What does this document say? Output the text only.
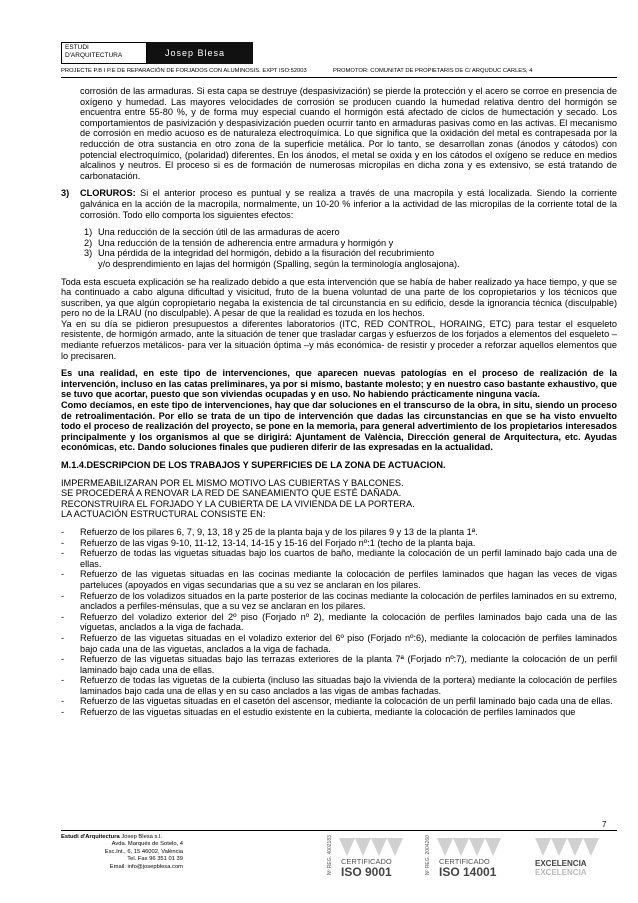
ESTUDI
D'ARQUITECTURA	Josep Blesa
PROJECTE P.B I P.E DE REPARACIÓN DE FORJADOS CON ALUMINOSIS. EXPT ISO:52003	PROMOTOR: COMUNITAT DE PROPIETARIS DE C/ ARQUDUC CARLES, 4

corrosión de las armaduras. Si esta capa se destruye (despasivización) se pierde la protección y el acero se corroe en presencia de oxígeno y humedad. Las mayores velocidades de corrosión se producen cuando la humedad relativa dentro del hormigón se encuentra entre 55-80 %, y de forma muy especial cuando el hormigón está afectado de ciclos de humectación y secado. Los comportamientos de pasivización y despasivización pueden ocurrir tanto en armaduras pasivas como en las activas. El mecanismo de corrosión en medio acuoso es de naturaleza electroquímica. Lo que significa que la oxidación del metal es contrapesada por la reducción de otra sustancia en otro zona de la superficie metálica. Por lo tanto, se desarrollan zonas (ánodos y cátodos) con potencial electroquímico, (polaridad) diferentes. En los ánodos, el metal se oxida y en los cátodos el oxígeno se reduce en medios alcalinos y neutros. El proceso si es de formación de numerosas micropilas en dicha zona y es extensivo, se está tratando de carbonatación.

3)	CLORUROS: Si el anterior proceso es puntual y se realiza a través de una macropila y está localizada. Siendo la corriente galvánica en la acción de la macropila, normalmente, un 10-20 % inferior a la actividad de las micropilas de la corriente total de la corrosión. Todo ello comporta los siguientes efectos:
1) Una reducción de la sección útil de las armaduras de acero
2) Una reducción de la tensión de adherencia entre armadura y hormigón y
3) Una pérdida de la integridad del hormigón, debido a la fisuración del recubrimiento
y/o desprendimiento en lajas del hormigón (Spalling, según la terminología anglosajona).

Toda esta escueta explicación se ha realizado debido a que esta intervención que se había de haber realizado ya hace tiempo, y que se ha continuado a cabo alguna dificultad y visicitud, fruto de la buena voluntad de una parte de los copropietarios y los técnicos que suscriben, ya que algún copropietario negaba la existencia de tal circunstancia en su edificio, desde la ignorancia técnica (disculpable) pero no de la LRAU (no disculpable). A pesar de que la realidad es tozuda en los hechos.

Ya en su día se pidieron presupuestos a diferentes laboratorios (ITC, RED CONTROL, HORAING, ETC) para testar el esqueleto resistente, de hormigón armado, ante la situación de tener que trasladar cargas y esfuerzos de los forjados a elementos del esqueleto –mediante refuerzos metálicos- para ver la situación óptima –y más económica- de resistir y proceder a reforzar aquellos elementos que lo precisaren.

Es una realidad, en este tipo de intervenciones, que aparecen nuevas patologías en el proceso de realización de la intervención, incluso en las catas preliminares, ya por si mismo, bastante molesto; y en nuestro caso bastante exhaustivo, que se tuvo que acortar, puesto que son viviendas ocupadas y en uso. No habiendo prácticamente ninguna vacía.

Como decíamos, en este tipo de intervenciones, hay que dar soluciones en el transcurso de la obra, in situ, siendo un proceso de retroalimentación. Por ello se trata de un tipo de intervención que dadas las circunstancias en que se ha visto envuelto todo el proceso de realización del proyecto, se pone en la memoria, para general advertimiento de los propietarios interesados principalmente y los organismos al que se dirigirá: Ajuntament de València, Dirección general de Arquitectura, etc. Ayudas económicas, etc. Dando soluciones finales que pudieren diferir de las expresadas en la actualidad.

M.1.4.DESCRIPCION DE LOS TRABAJOS Y SUPERFICIES DE LA ZONA DE ACTUACION.

IMPERMEABILIZARAN POR EL MISMO MOTIVO LAS CUBIERTAS Y BALCONES.

SE PROCEDERÁ A RENOVAR LA RED DE SANEAMIENTO QUE ESTÉ DAÑADA.

RECONSTRUIRA EL FORJADO Y LA CUBIERTA DE LA VIVIENDA DE LA PORTERA.

LA ACTUACIÓN ESTRUCTURAL CONSISTE EN:

-	Refuerzo de los pilares 6, 7, 9, 13, 18 y 25 de la planta baja y de los pilares 9 y 13 de la planta 1ª.
-	Refuerzo de las vigas 9-10, 11-12, 13-14, 14-15 y 15-16 del Forjado nº:1 (techo de la planta baja.
-	Refuerzo de todas las viguetas situadas bajo los cuartos de baño, mediante la colocación de un perfil laminado bajo cada una de ellas.
-	Refuerzo de las viguetas situadas en las cocinas mediante la colocación de perfiles laminados que hagan las veces de vigas parteluces (apoyados en vigas secundarias que a su vez se anclaran en los pilares.
-	Refuerzo de los voladizos situados en la parte posterior de las cocinas mediante la colocación de perfiles laminados en su extremo, anclados a perfiles-ménsulas, que a su vez se anclaran en los pilares.
-	Refuerzo del voladizo exterior del 2º piso (Forjado nº 2), mediante la colocación de perfiles laminados bajo cada una de las viguetas, anclados a la viga de fachada.
-	Refuerzo de las viguetas situadas en el voladizo exterior del 6º piso (Forjado nº:6), mediante la colocación de perfiles laminados bajo cada una de las viguetas, anclados a la viga de fachada.
-	Refuerzo de las viguetas situadas bajo las terrazas exteriores de la planta 7ª (Forjado nº:7), mediante la colocación de un perfil laminado bajo cada una de ellas.
-	Refuerzo de todas las viguetas de la cubierta (incluso las situadas bajo la vivienda de la portera) mediante la colocación de perfiles laminados bajo cada una de ellas y en su caso anclados a las vigas de ambas fachadas.
-	Refuerzo de las viguetas situadas en el casetón del ascensor, mediante la colocación de un perfil laminado bajo cada una de ellas.
-	Refuerzo de las viguetas situadas en el estudio existente en la cubierta, mediante la colocación de perfiles laminados que
7
Estudi d'Arquitectura Josep Blesa s.l.
Avda. Marqués de Sotelo, 4
Esc.Int., 6, 15 46002, València
Tel. Fax 96 351 01 39
Email: info@josepblesa.com	Nº REG. 4002183 CERTIFICADO
ISO 9001	Nº REG. 2004260 CERTIFICADO
ISO 14001
EXCELENCIA
EXCELENCIA
